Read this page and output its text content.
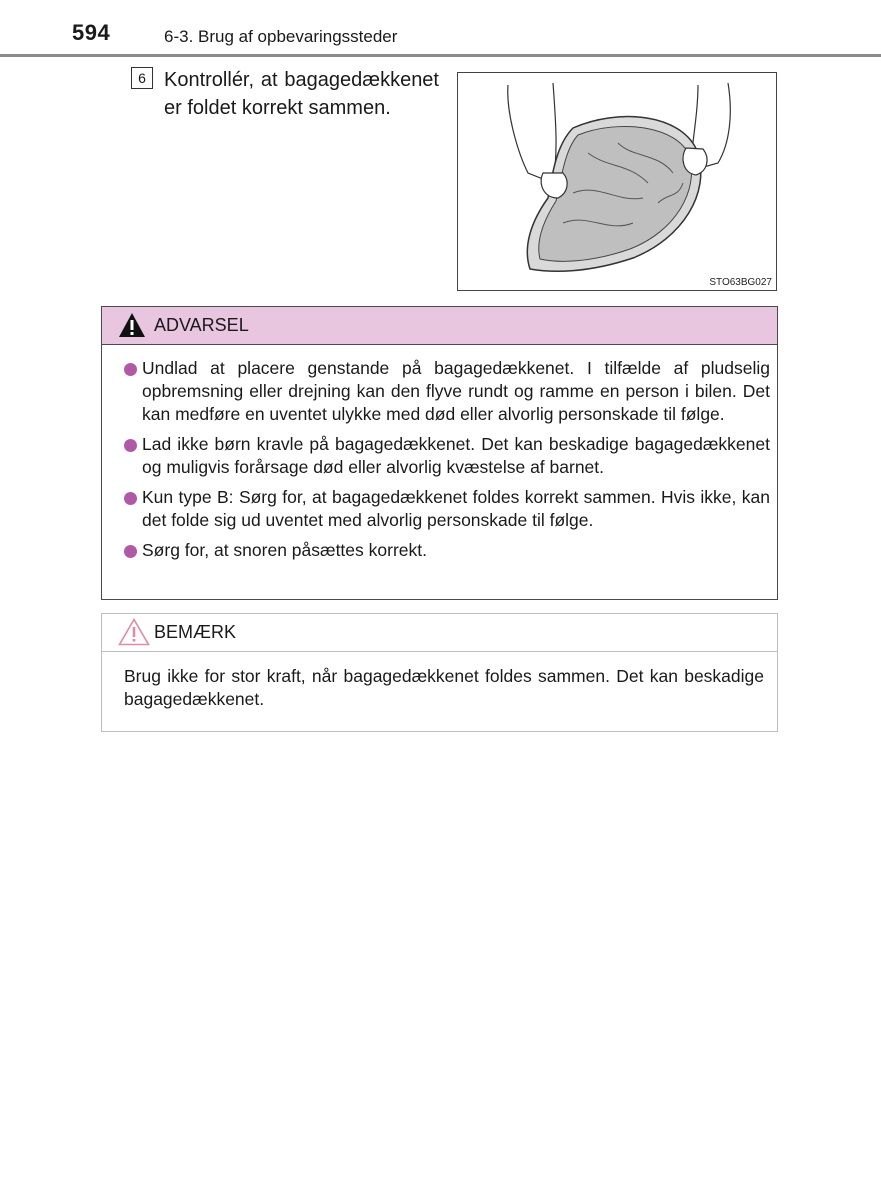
594	6-3. Brug af opbevaringssteder
6 Kontrollér, at bagagedækkenet er foldet korrekt sammen.
STO63BG027
ADVARSEL
Undlad at placere genstande på bagagedækkenet. I tilfælde af pludselig opbremsning eller drejning kan den flyve rundt og ramme en person i bilen. Det kan medføre en uventet ulykke med død eller alvorlig personskade til følge.
Lad ikke børn kravle på bagagedækkenet. Det kan beskadige bagagedækkenet og muligvis forårsage død eller alvorlig kvæstelse af barnet.
Kun type B: Sørg for, at bagagedækkenet foldes korrekt sammen. Hvis ikke, kan det folde sig ud uventet med alvorlig personskade til følge.
Sørg for, at snoren påsættes korrekt.
BEMÆRK
Brug ikke for stor kraft, når bagagedækkenet foldes sammen. Det kan beskadige bagagedækkenet.
